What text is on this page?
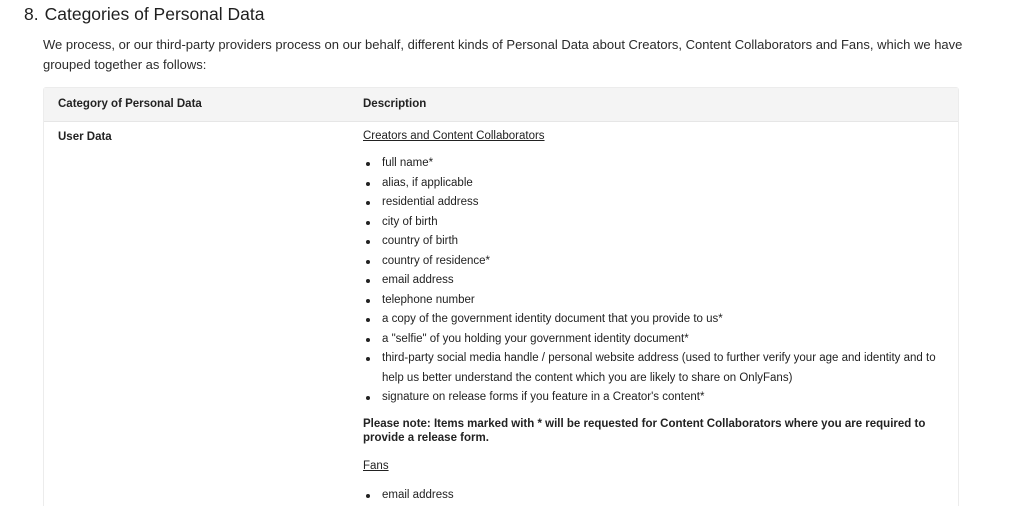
8. Categories of Personal Data
We process, or our third-party providers process on our behalf, different kinds of Personal Data about Creators, Content Collaborators and Fans, which we have grouped together as follows:
Category of Personal Data	Description
User Data	Creators and Content Collaborators
full name*
alias, if applicable
residential address
city of birth
country of birth
country of residence*
email address
telephone number
a copy of the government identity document that you provide to us*
a "selfie" of you holding your government identity document*
third-party social media handle / personal website address (used to further verify your age and identity and to help us better understand the content which you are likely to share on OnlyFans)
signature on release forms if you feature in a Creator's content*
Please note: Items marked with * will be requested for Content Collaborators where you are required to provide a release form.
Fans
email address
